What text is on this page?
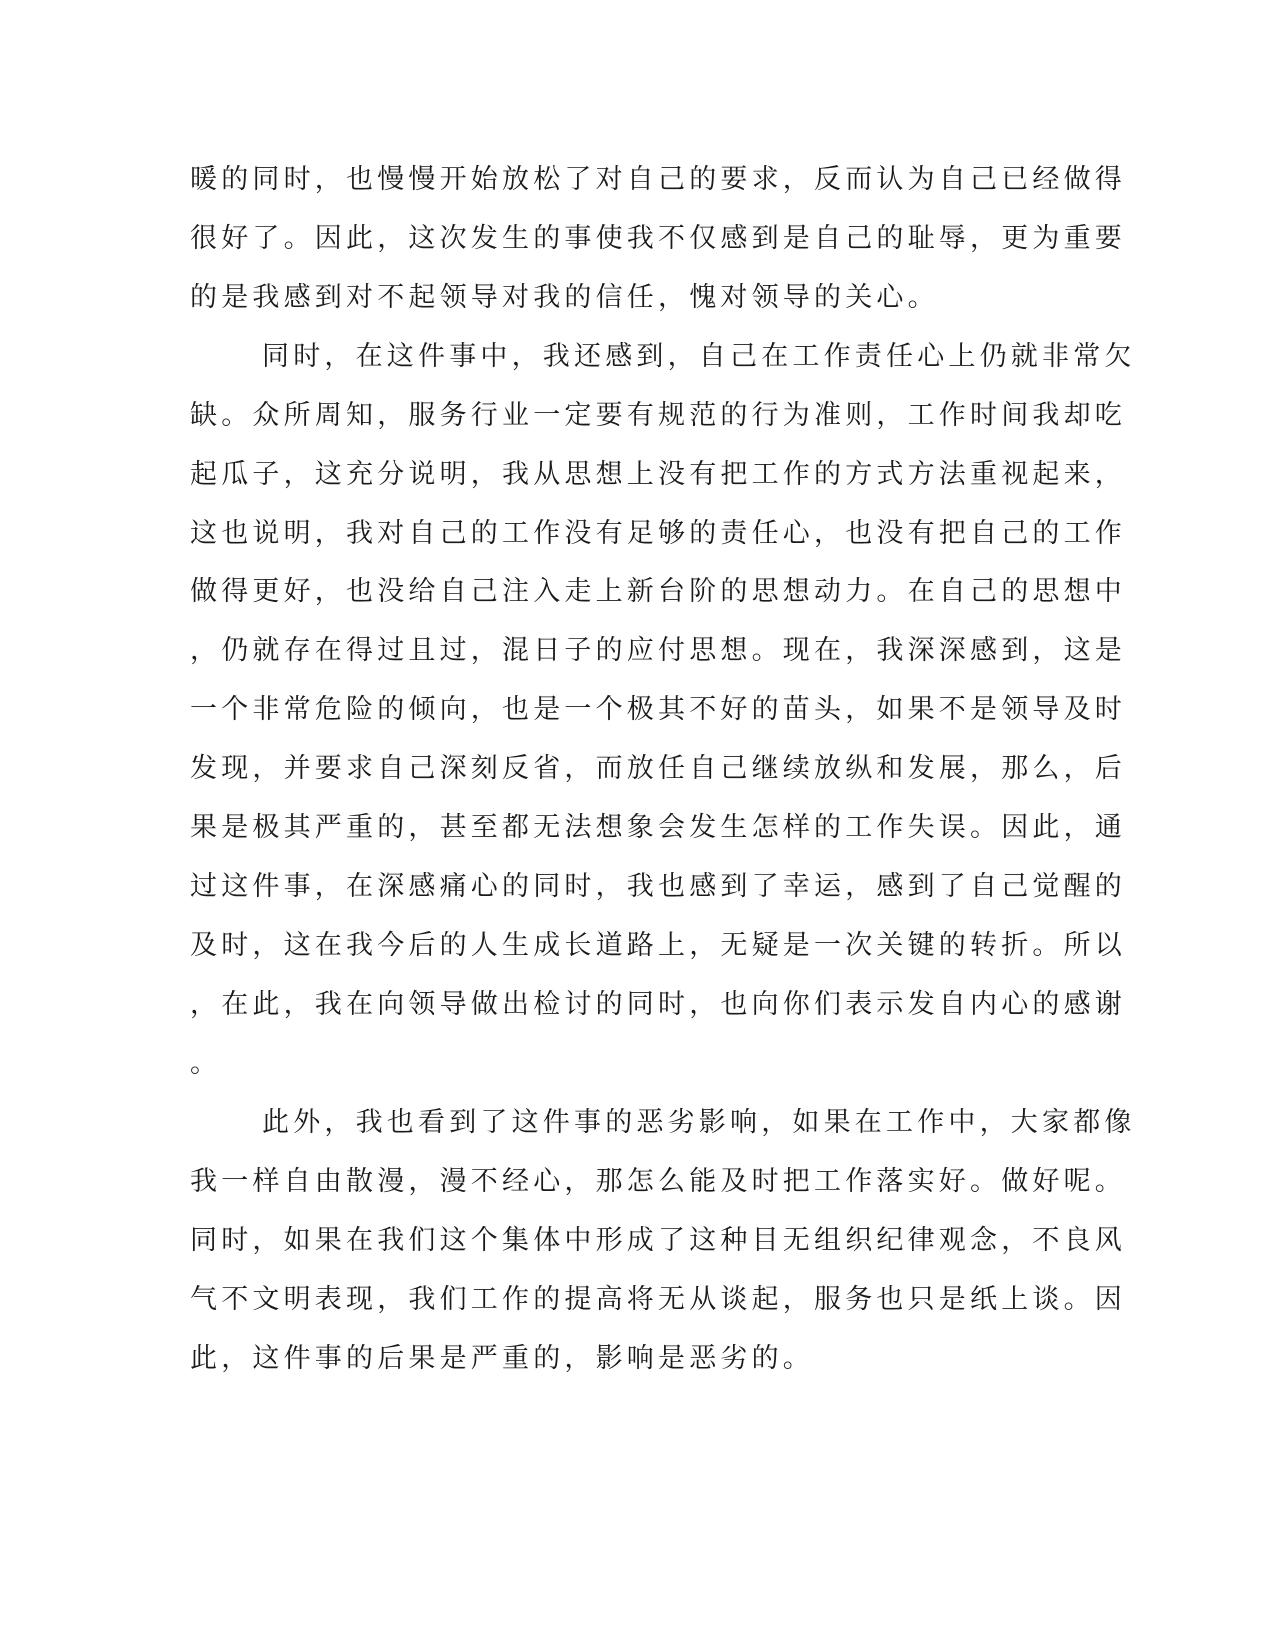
暖的同时，也慢慢开始放松了对自己的要求，反而认为自己已经做得
很好了。因此，这次发生的事使我不仅感到是自己的耻辱，更为重要
的是我感到对不起领导对我的信任，愧对领导的关心。
同时，在这件事中，我还感到，自己在工作责任心上仍就非常欠
缺。众所周知，服务行业一定要有规范的行为准则，工作时间我却吃
起瓜子，这充分说明，我从思想上没有把工作的方式方法重视起来，
这也说明，我对自己的工作没有足够的责任心，也没有把自己的工作
做得更好，也没给自己注入走上新台阶的思想动力。在自己的思想中
，仍就存在得过且过，混日子的应付思想。现在，我深深感到，这是
一个非常危险的倾向，也是一个极其不好的苗头，如果不是领导及时
发现，并要求自己深刻反省，而放任自己继续放纵和发展，那么，后
果是极其严重的，甚至都无法想象会发生怎样的工作失误。因此，通
过这件事，在深感痛心的同时，我也感到了幸运，感到了自己觉醒的
及时，这在我今后的人生成长道路上，无疑是一次关键的转折。所以
，在此，我在向领导做出检讨的同时，也向你们表示发自内心的感谢
。
此外，我也看到了这件事的恶劣影响，如果在工作中，大家都像
我一样自由散漫，漫不经心，那怎么能及时把工作落实好。做好呢。
同时，如果在我们这个集体中形成了这种目无组织纪律观念，不良风
气不文明表现，我们工作的提高将无从谈起，服务也只是纸上谈。因
此，这件事的后果是严重的，影响是恶劣的。
